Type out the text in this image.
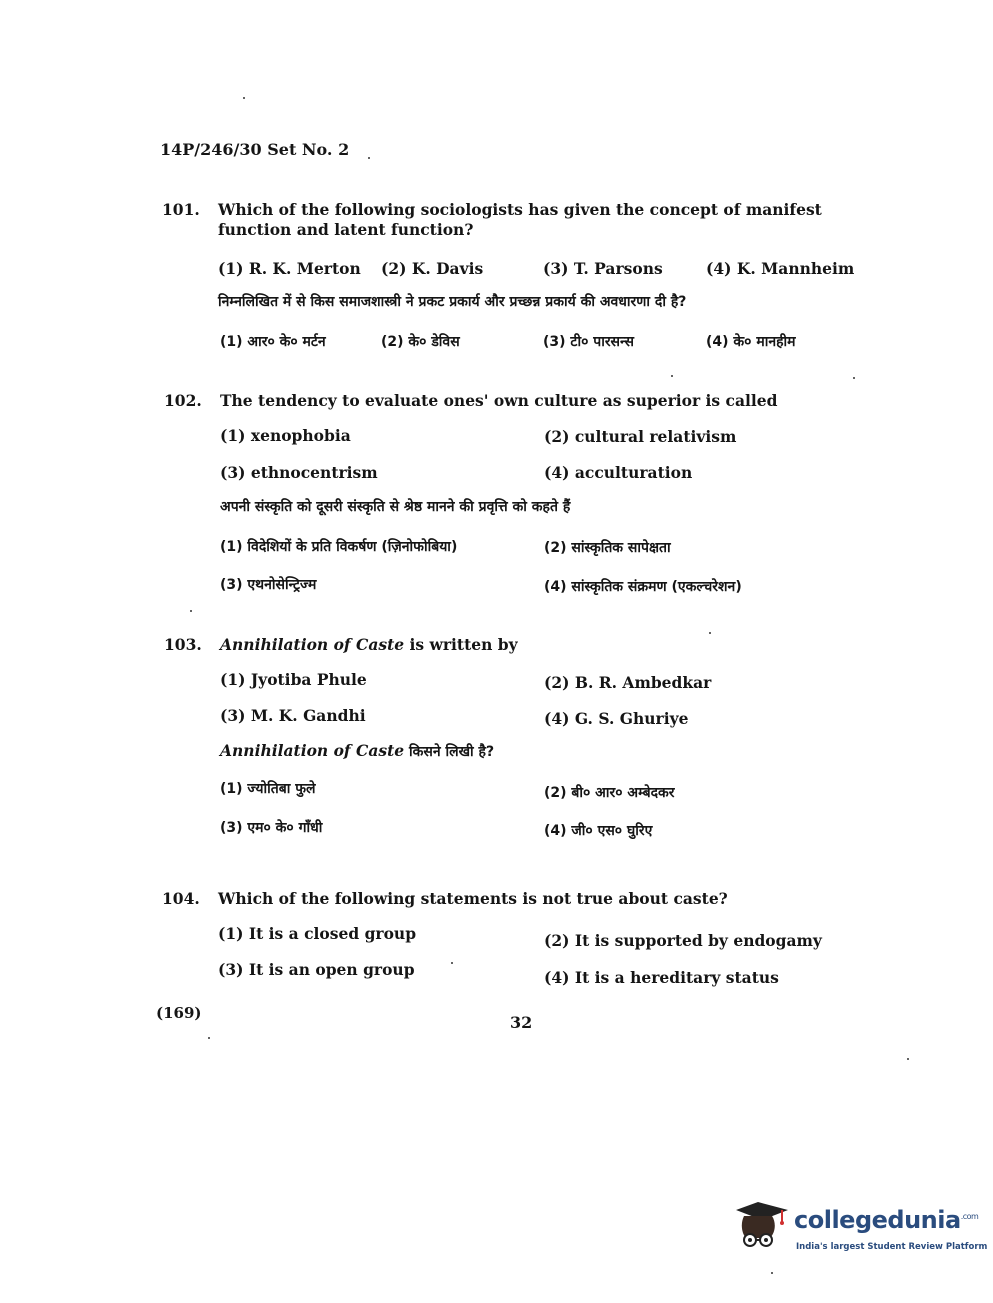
14P/246/30 Set No. 2
101.	Which of the following sociologists has given the concept of manifest function and latent function?
(1) R. K. Merton (2) K. Davis	(3) T. Parsons	(4) K. Mannheim
निम्नलिखित में से किस समाजशास्त्री ने प्रकट प्रकार्य और प्रच्छन्न प्रकार्य की अवधारणा दी है?
(1) आर० के० मर्टन	(2) के० डेविस	(3) टी० पारसन्स	(4) के० मानहीम
102.	The tendency to evaluate ones' own culture as superior is called
(1) xenophobia	(2) cultural relativism
(3) ethnocentrism	(4) acculturation
अपनी संस्कृति को दूसरी संस्कृति से श्रेष्ठ मानने की प्रवृत्ति को कहते हैं
(1) विदेशियों के प्रति विकर्षण (ज़िनोफोबिया)	(2) सांस्कृतिक सापेक्षता
(3) एथनोसेन्ट्रिज्म	(4) सांस्कृतिक संक्रमण (एकल्चरेशन)
103.	Annihilation of Caste is written by
(1) Jyotiba Phule	(2) B. R. Ambedkar
(3) M. K. Gandhi	(4) G. S. Ghuriye
Annihilation of Caste किसने लिखी है?
(1) ज्योतिबा फुले	(2) बी० आर० अम्बेदकर
(3) एम० के० गाँधी	(4) जी० एस० घुरिए
104.	Which of the following statements is not true about caste?
(1) It is a closed group	(2) It is supported by endogamy
(3) It is an open group	(4) It is a hereditary status
(169)	32
collegedunia$^{.com}$
India's largest Student Review Platform
